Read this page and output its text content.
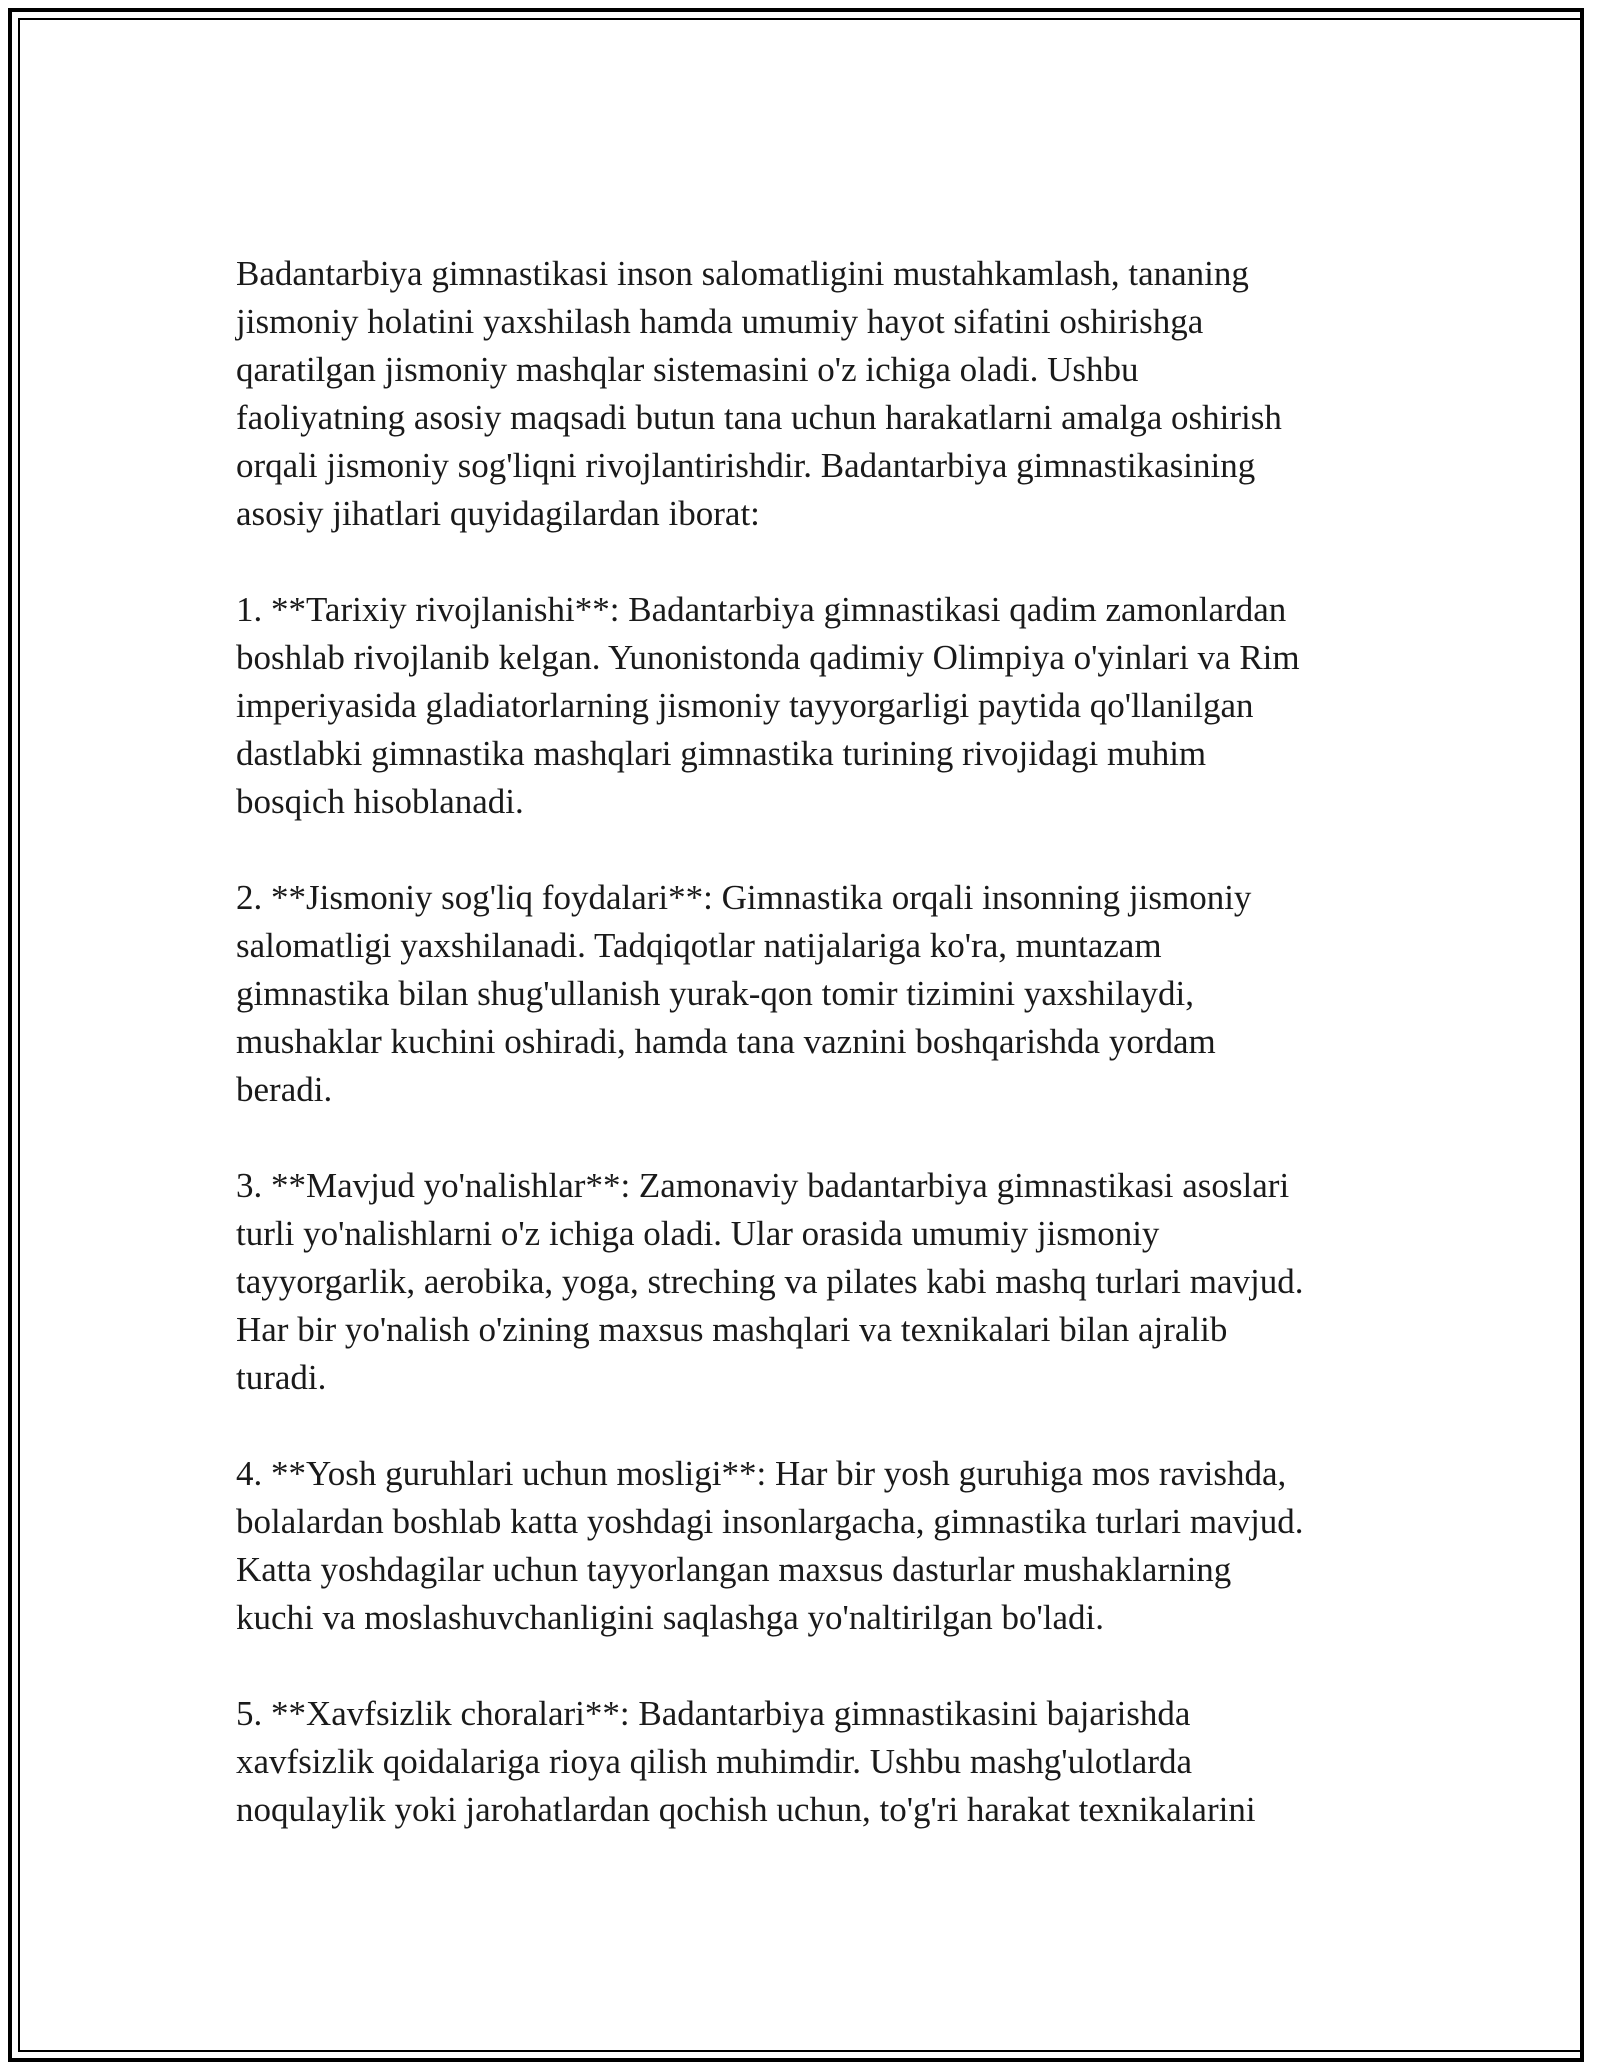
Badantarbiya gimnastikasi inson salomatligini mustahkamlash, tananing
jismoniy holatini yaxshilash hamda umumiy hayot sifatini oshirishga
qaratilgan jismoniy mashqlar sistemasini o'z ichiga oladi. Ushbu
faoliyatning asosiy maqsadi butun tana uchun harakatlarni amalga oshirish
orqali jismoniy sog'liqni rivojlantirishdir. Badantarbiya gimnastikasining
asosiy jihatlari quyidagilardan iborat:

1. **Tarixiy rivojlanishi**: Badantarbiya gimnastikasi qadim zamonlardan
boshlab rivojlanib kelgan. Yunonistonda qadimiy Olimpiya o'yinlari va Rim
imperiyasida gladiatorlarning jismoniy tayyorgarligi paytida qo'llanilgan
dastlabki gimnastika mashqlari gimnastika turining rivojidagi muhim
bosqich hisoblanadi.

2. **Jismoniy sog'liq foydalari**: Gimnastika orqali insonning jismoniy
salomatligi yaxshilanadi. Tadqiqotlar natijalariga ko'ra, muntazam
gimnastika bilan shug'ullanish yurak-qon tomir tizimini yaxshilaydi,
mushaklar kuchini oshiradi, hamda tana vaznini boshqarishda yordam
beradi.

3. **Mavjud yo'nalishlar**: Zamonaviy badantarbiya gimnastikasi asoslari
turli yo'nalishlarni o'z ichiga oladi. Ular orasida umumiy jismoniy
tayyorgarlik, aerobika, yoga, streching va pilates kabi mashq turlari mavjud.
Har bir yo'nalish o'zining maxsus mashqlari va texnikalari bilan ajralib
turadi.

4. **Yosh guruhlari uchun mosligi**: Har bir yosh guruhiga mos ravishda,
bolalardan boshlab katta yoshdagi insonlargacha, gimnastika turlari mavjud.
Katta yoshdagilar uchun tayyorlangan maxsus dasturlar mushaklarning
kuchi va moslashuvchanligini saqlashga yo'naltirilgan bo'ladi.

5. **Xavfsizlik choralari**: Badantarbiya gimnastikasini bajarishda
xavfsizlik qoidalariga rioya qilish muhimdir. Ushbu mashg'ulotlarda
noqulaylik yoki jarohatlardan qochish uchun, to'g'ri harakat texnikalarini
